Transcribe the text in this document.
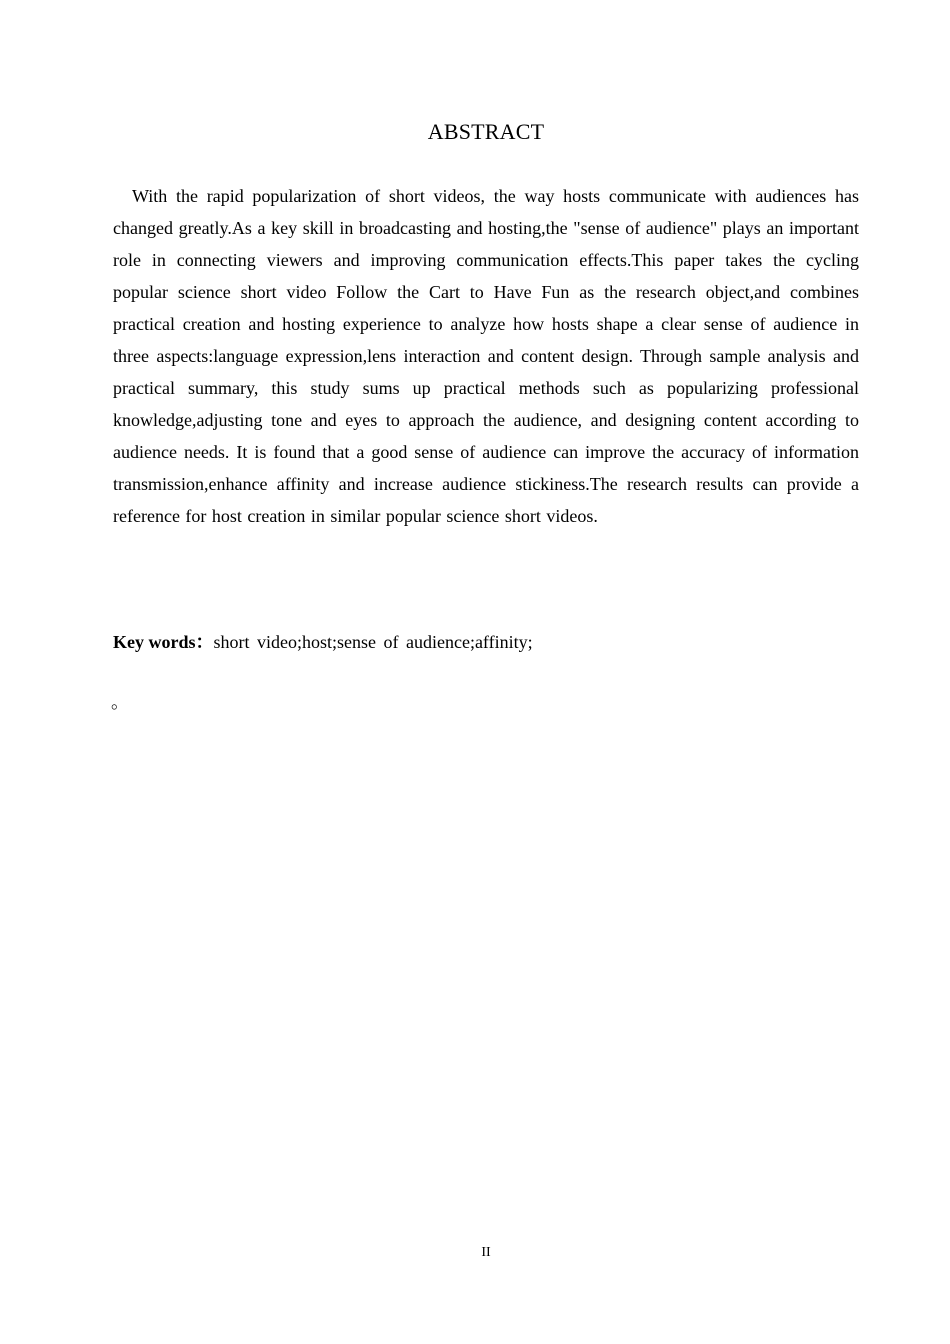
ABSTRACT

With the rapid popularization of short videos, the way hosts communicate with audiences has changed greatly.As a key skill in broadcasting and hosting,the "sense of audience" plays an important role in connecting viewers and improving communication effects.This paper takes the cycling popular science short video Follow the Cart to Have Fun as the research object,and combines practical creation and hosting experience to analyze how hosts shape a clear sense of audience in three aspects:language expression,lens interaction and content design. Through sample analysis and practical summary, this study sums up practical methods such as popularizing professional knowledge,adjusting tone and eyes to approach the audience, and designing content according to audience needs. It is found that a good sense of audience can improve the accuracy of information transmission,enhance affinity and increase audience stickiness.The research results can provide a reference for host creation in similar popular science short videos.

Key words：short video;host;sense of audience;affinity;

。
II
